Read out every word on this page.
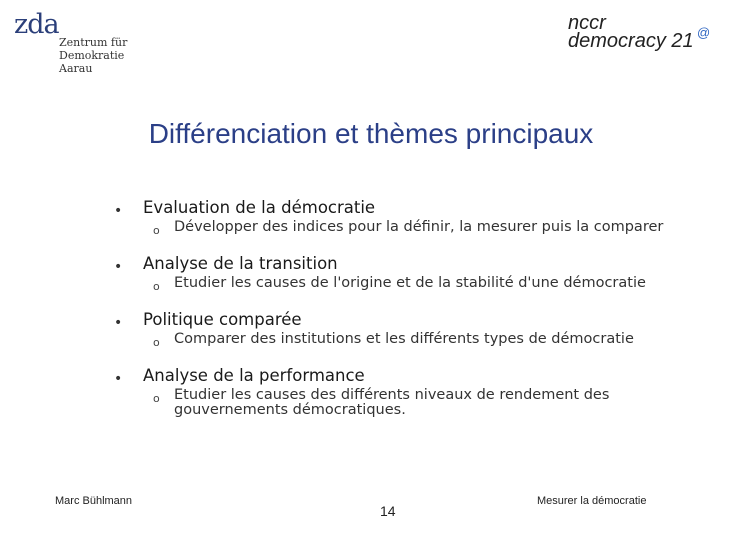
zda
Zentrum für
Demokratie
Aarau
nccr
democracy 21 @
Différenciation et thèmes principaux
• Evaluation de la démocratie
o Développer des indices pour la définir, la mesurer puis la comparer
• Analyse de la transition
o Etudier les causes de l'origine et de la stabilité d'une démocratie
• Politique comparée
o Comparer des institutions et les différents types de démocratie
• Analyse de la performance
o Etudier les causes des différents niveaux de rendement des gouvernements démocratiques.
Marc Bühlmann
14
Mesurer la démocratie
